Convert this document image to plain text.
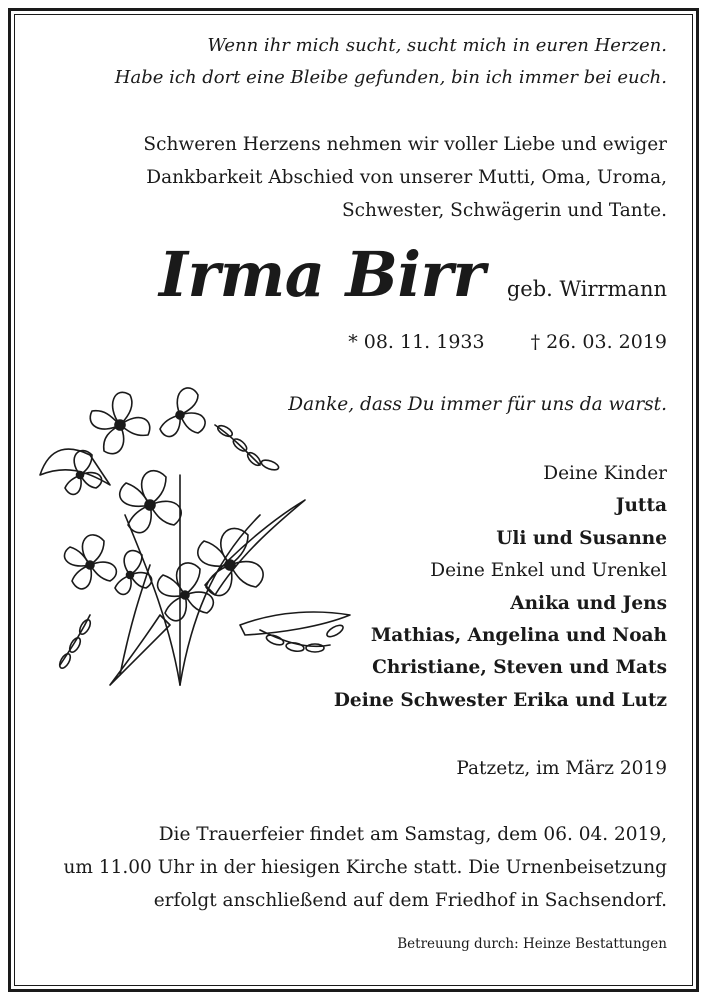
Wenn ihr mich sucht, sucht mich in euren Herzen.
Habe ich dort eine Bleibe gefunden, bin ich immer bei euch.
Schweren Herzens nehmen wir voller Liebe und ewiger
Dankbarkeit Abschied von unserer Mutti, Oma, Uroma,
Schwester, Schwägerin und Tante.
Irma Birr geb. Wirrmann
* 08. 11. 1933 † 26. 03. 2019
Danke, dass Du immer für uns da warst.
Deine Kinder
Jutta
Uli und Susanne
Deine Enkel und Urenkel
Anika und Jens
Mathias, Angelina und Noah
Christiane, Steven und Mats
Deine Schwester Erika und Lutz
Patzetz, im März 2019
Die Trauerfeier findet am Samstag, dem 06. 04. 2019,
um 11.00 Uhr in der hiesigen Kirche statt. Die Urnenbeisetzung
erfolgt anschließend auf dem Friedhof in Sachsendorf.
Betreuung durch: Heinze Bestattungen
